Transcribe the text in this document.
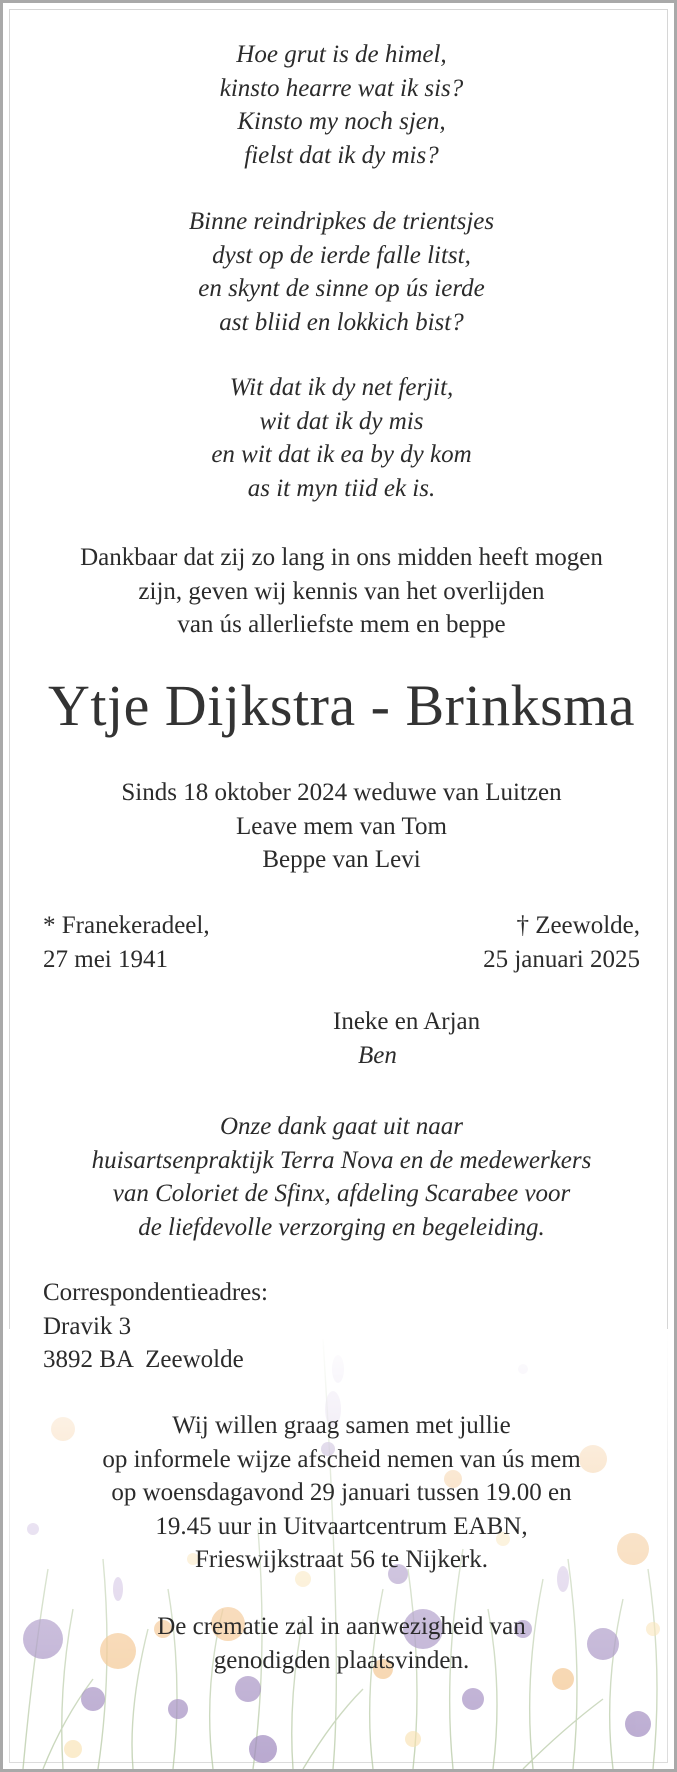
Hoe grut is de himel,
kinsto hearre wat ik sis?
Kinsto my noch sjen,
fielst dat ik dy mis?
Binne reindripkes de trientsjes
dyst op de ierde falle litst,
en skynt de sinne op ús ierde
ast bliid en lokkich bist?
Wit dat ik dy net ferjit,
wit dat ik dy mis
en wit dat ik ea by dy kom
as it myn tiid ek is.
Dankbaar dat zij zo lang in ons midden heeft mogen
zijn, geven wij kennis van het overlijden
van ús allerliefste mem en beppe
Ytje Dijkstra - Brinksma
Sinds 18 oktober 2024 weduwe van Luitzen
Leave mem van Tom
Beppe van Levi
* Franekeradeel,
27 mei 1941
† Zeewolde,
25 januari 2025
Ineke en Arjan
Ben
Onze dank gaat uit naar
huisartsenpraktijk Terra Nova en de medewerkers
van Coloriet de Sfinx, afdeling Scarabee voor
de liefdevolle verzorging en begeleiding.
Correspondentieadres:
Dravik 3
3892 BA  Zeewolde
Wij willen graag samen met jullie
op informele wijze afscheid nemen van ús mem
op woensdagavond 29 januari tussen 19.00 en
19.45 uur in Uitvaartcentrum EABN,
Frieswijkstraat 56 te Nijkerk.
De crematie zal in aanwezigheid van
genodigden plaatsvinden.
